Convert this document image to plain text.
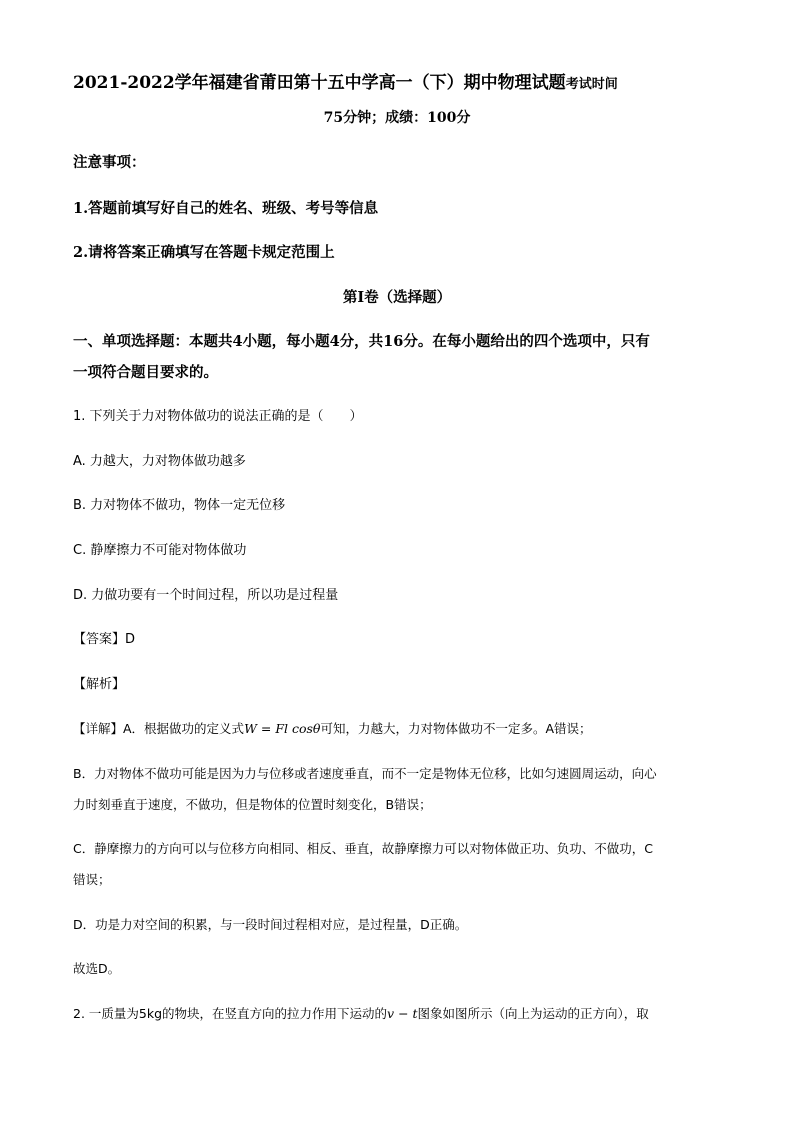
2021-2022学年福建省莆田第十五中学高一（下）期中物理试题考试时间
75分钟；成绩：100分
注意事项：
1.答题前填写好自己的姓名、班级、考号等信息
2.请将答案正确填写在答题卡规定范围上
第I卷（选择题）
一、单项选择题：本题共4小题，每小题4分，共16分。在每小题给出的四个选项中，只有
一项符合题目要求的。
1. 下列关于力对物体做功的说法正确的是（　　）
A. 力越大，力对物体做功越多
B. 力对物体不做功，物体一定无位移
C. 静摩擦力不可能对物体做功
D. 力做功要有一个时间过程，所以功是过程量
【答案】D
【解析】
【详解】A．根据做功的定义式W = Fl cosθ可知，力越大，力对物体做功不一定多。A错误；
B．力对物体不做功可能是因为力与位移或者速度垂直，而不一定是物体无位移，比如匀速圆周运动，向心
力时刻垂直于速度，不做功，但是物体的位置时刻变化，B错误；
C．静摩擦力的方向可以与位移方向相同、相反、垂直，故静摩擦力可以对物体做正功、负功、不做功，C
错误；
D．功是力对空间的积累，与一段时间过程相对应，是过程量，D正确。
故选D。
2. 一质量为5kg的物块，在竖直方向的拉力作用下运动的v − t图象如图所示（向上为运动的正方向），取
